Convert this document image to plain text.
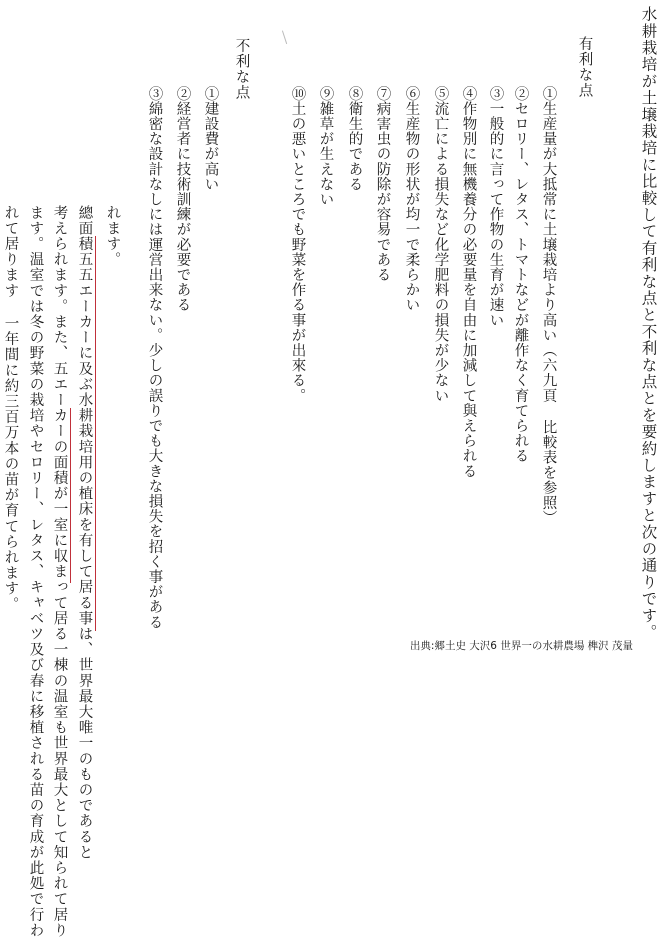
水耕栽培が土壌栽培に比較して有利な点と不利な点とを要約しますと次の通りです。
有利な点
①生産量が大抵常に土壌栽培より高い（六九頁 比較表を参照）
②セロリー、レタス、トマトなどが離作なく育てられる
③一般的に言って作物の生育が速い
④作物別に無機養分の必要量を自由に加減して與えられる
⑤流亡による損失など化学肥料の損失が少ない
⑥生産物の形状が均一で柔らかい
⑦病害虫の防除が容易である
⑧衛生的である
⑨雑草が生えない
⑩土の悪いところでも野菜を作る事が出來る。
不利な点
①建設費が高い
②経営者に技術訓練が必要である
③綿密な設計なしには運営出来ない。少しの誤りでも大きな損失を招く事がある
れます。
總面積五五エーカーに及ぶ水耕栽培用の植床を有して居る事は、世界最大唯一のものであると
考えられます。また、五エーカーの面積が一室に収まって居る一棟の温室も世界最大として知られて居り
ます。温室では冬の野菜の栽培やセロリー、レタス、キャベツ及び春に移植される苗の育成が此処で行わ
れて居ります 一年間に約三百万本の苗が育てられます。
出典:郷土史 大沢6 世界一の水耕農場 榫沢 茂量
